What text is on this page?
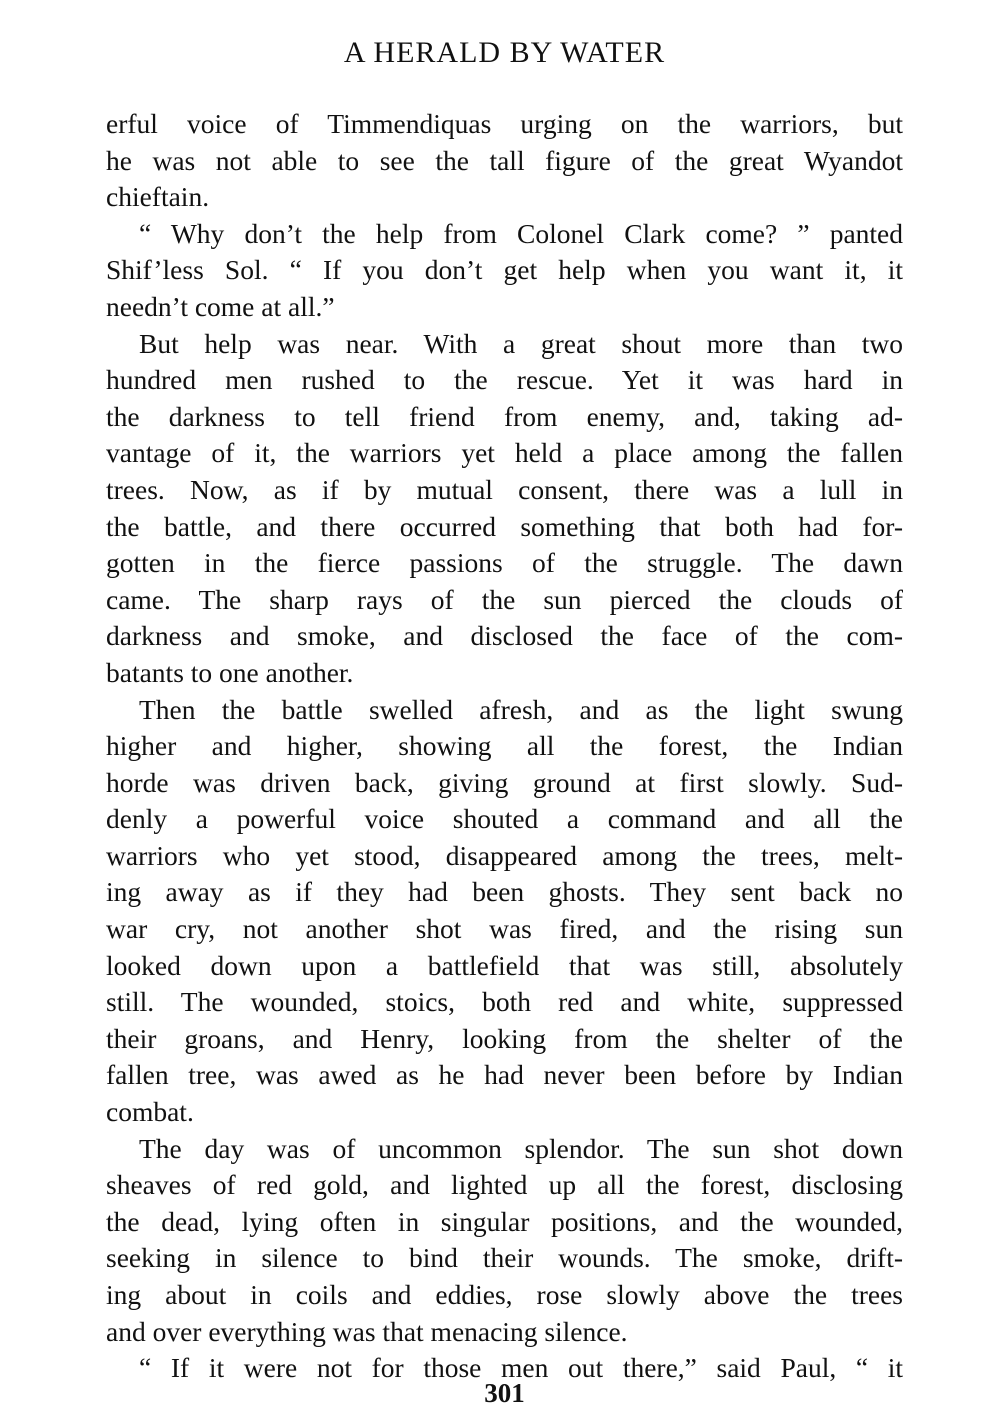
A HERALD BY WATER
erful voice of Timmendiquas urging on the warriors, but
he was not able to see the tall figure of the great Wyandot
chieftain.
“ Why don’t the help from Colonel Clark come? ” panted
Shif’less Sol. “ If you don’t get help when you want it, it
needn’t come at all.”
But help was near. With a great shout more than two
hundred men rushed to the rescue. Yet it was hard in
the darkness to tell friend from enemy, and, taking ad-
vantage of it, the warriors yet held a place among the fallen
trees. Now, as if by mutual consent, there was a lull in
the battle, and there occurred something that both had for-
gotten in the fierce passions of the struggle. The dawn
came. The sharp rays of the sun pierced the clouds of
darkness and smoke, and disclosed the face of the com-
batants to one another.
Then the battle swelled afresh, and as the light swung
higher and higher, showing all the forest, the Indian
horde was driven back, giving ground at first slowly. Sud-
denly a powerful voice shouted a command and all the
warriors who yet stood, disappeared among the trees, melt-
ing away as if they had been ghosts. They sent back no
war cry, not another shot was fired, and the rising sun
looked down upon a battlefield that was still, absolutely
still. The wounded, stoics, both red and white, suppressed
their groans, and Henry, looking from the shelter of the
fallen tree, was awed as he had never been before by Indian
combat.
The day was of uncommon splendor. The sun shot down
sheaves of red gold, and lighted up all the forest, disclosing
the dead, lying often in singular positions, and the wounded,
seeking in silence to bind their wounds. The smoke, drift-
ing about in coils and eddies, rose slowly above the trees
and over everything was that menacing silence.
“ If it were not for those men out there,” said Paul, “ it
301
